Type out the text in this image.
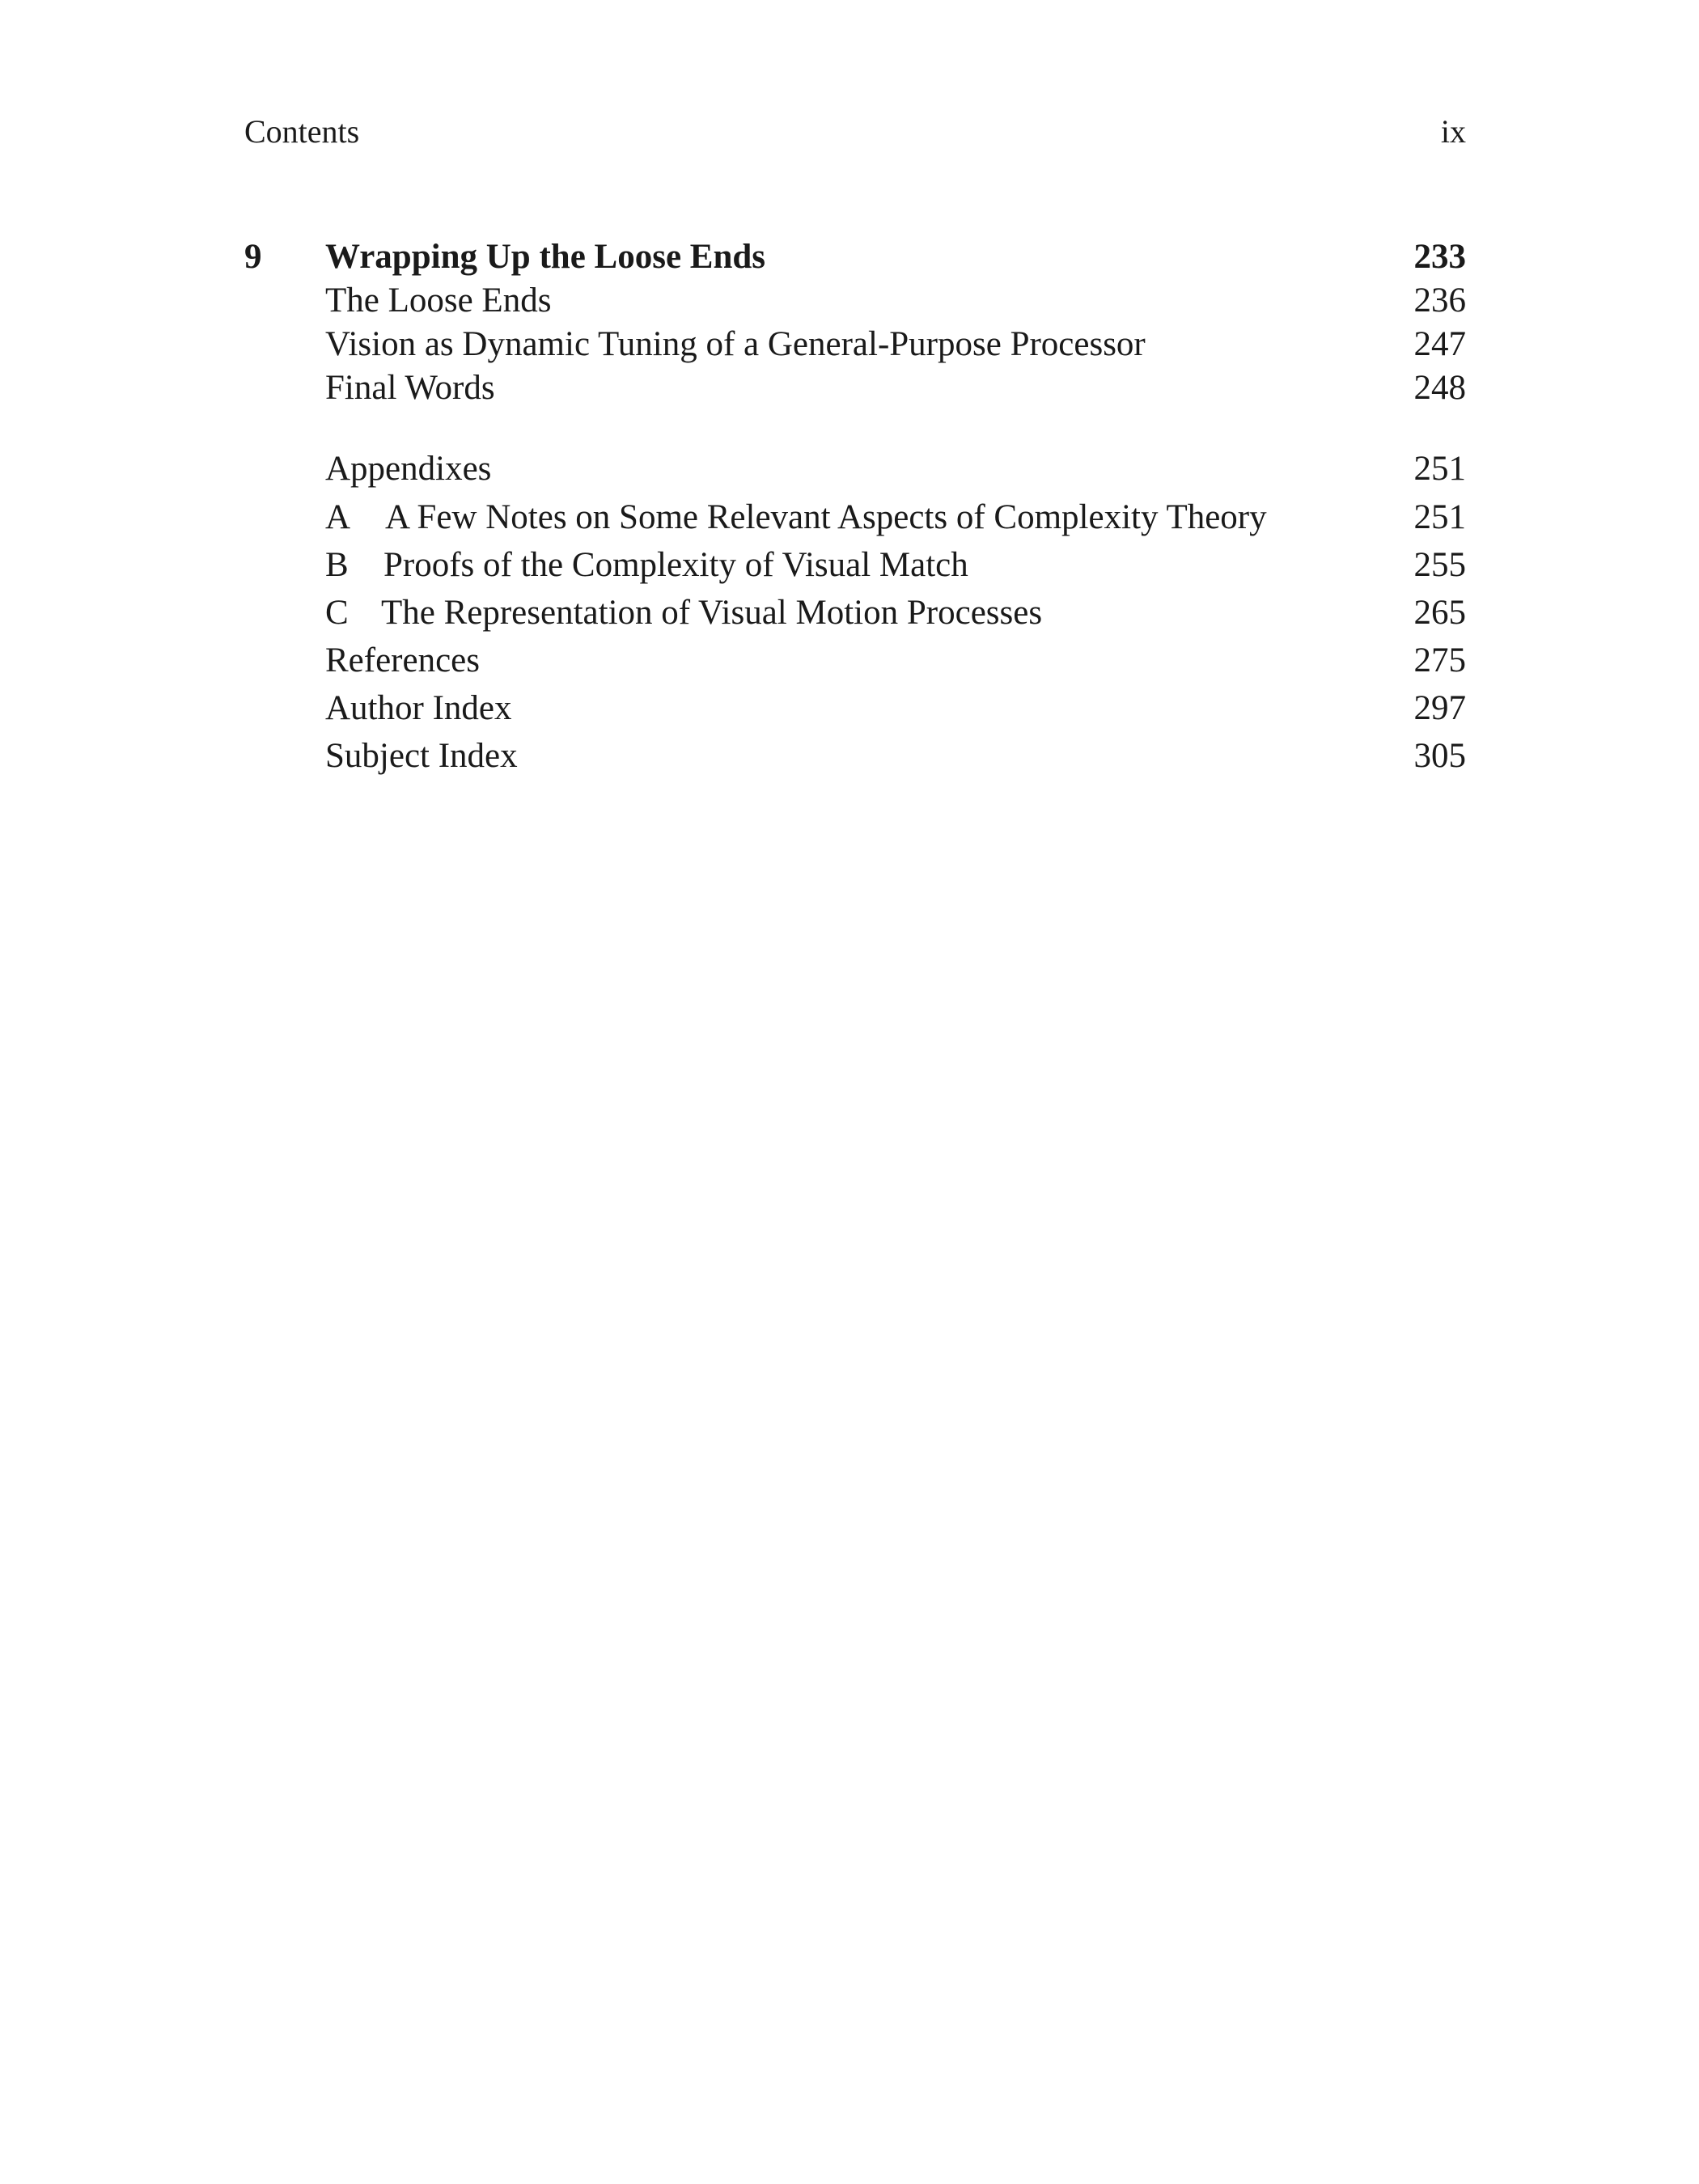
Contents	ix
9 Wrapping Up the Loose Ends	233
The Loose Ends	236
Vision as Dynamic Tuning of a General-Purpose Processor	247
Final Words	248
Appendixes	251
A A Few Notes on Some Relevant Aspects of Complexity Theory	251
B Proofs of the Complexity of Visual Match	255
C The Representation of Visual Motion Processes	265
References	275
Author Index	297
Subject Index	305
